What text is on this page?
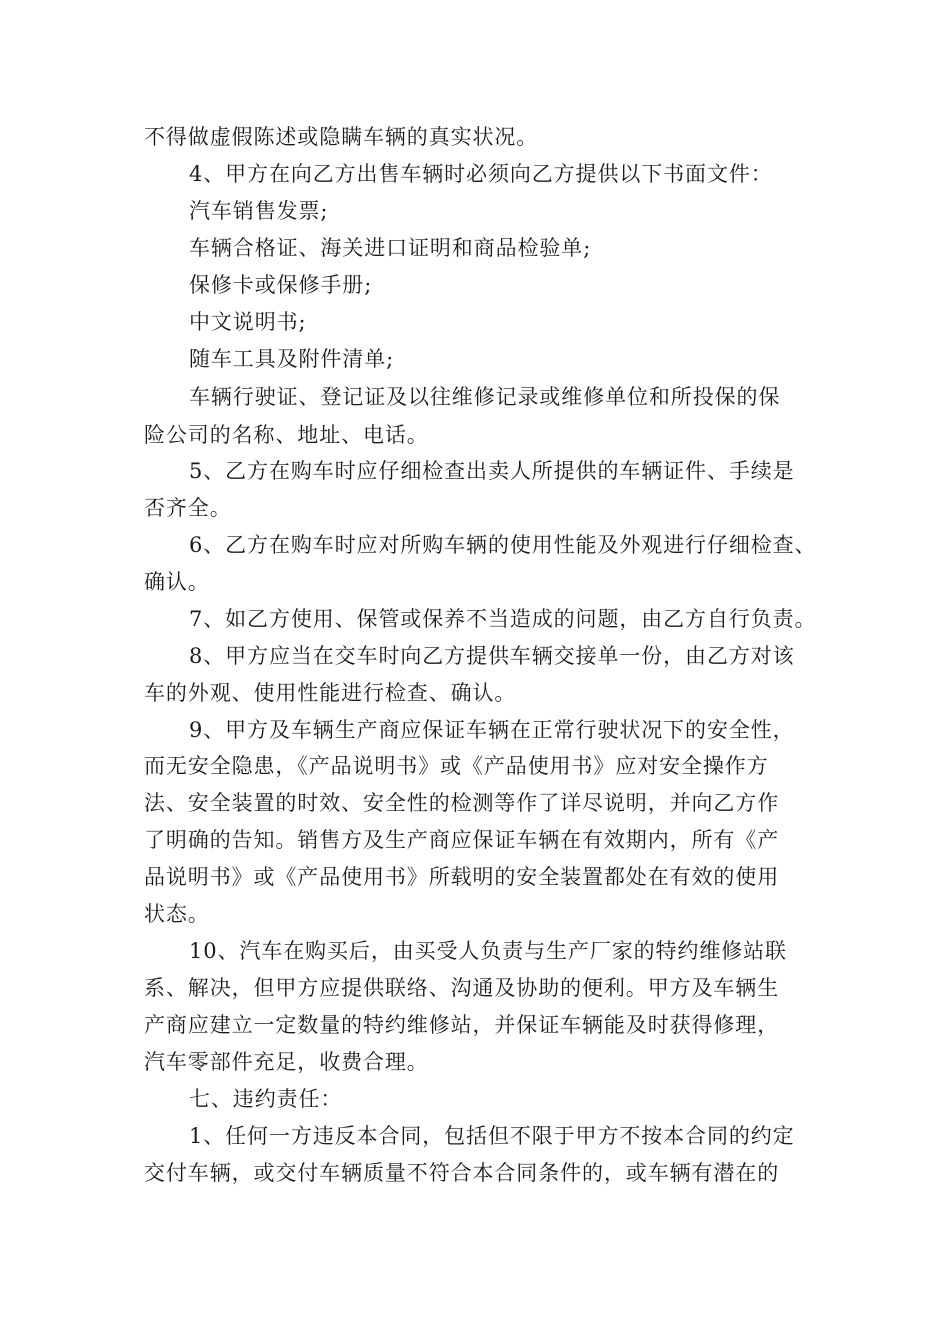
不得做虚假陈述或隐瞒车辆的真实状况。
4、甲方在向乙方出售车辆时必须向乙方提供以下书面文件：
汽车销售发票;
车辆合格证、海关进口证明和商品检验单;
保修卡或保修手册;
中文说明书;
随车工具及附件清单;
车辆行驶证、登记证及以往维修记录或维修单位和所投保的保
险公司的名称、地址、电话。
5、乙方在购车时应仔细检查出卖人所提供的车辆证件、手续是
否齐全。
6、乙方在购车时应对所购车辆的使用性能及外观进行仔细检查、
确认。
7、如乙方使用、保管或保养不当造成的问题，由乙方自行负责。
8、甲方应当在交车时向乙方提供车辆交接单一份，由乙方对该
车的外观、使用性能进行检查、确认。
9、甲方及车辆生产商应保证车辆在正常行驶状况下的安全性，
而无安全隐患，《产品说明书》或《产品使用书》应对安全操作方
法、安全装置的时效、安全性的检测等作了详尽说明，并向乙方作
了明确的告知。销售方及生产商应保证车辆在有效期内，所有《产
品说明书》或《产品使用书》所载明的安全装置都处在有效的使用
状态。
10、汽车在购买后，由买受人负责与生产厂家的特约维修站联
系、解决，但甲方应提供联络、沟通及协助的便利。甲方及车辆生
产商应建立一定数量的特约维修站，并保证车辆能及时获得修理，
汽车零部件充足，收费合理。
七、违约责任：
1、任何一方违反本合同，包括但不限于甲方不按本合同的约定
交付车辆，或交付车辆质量不符合本合同条件的，或车辆有潜在的
